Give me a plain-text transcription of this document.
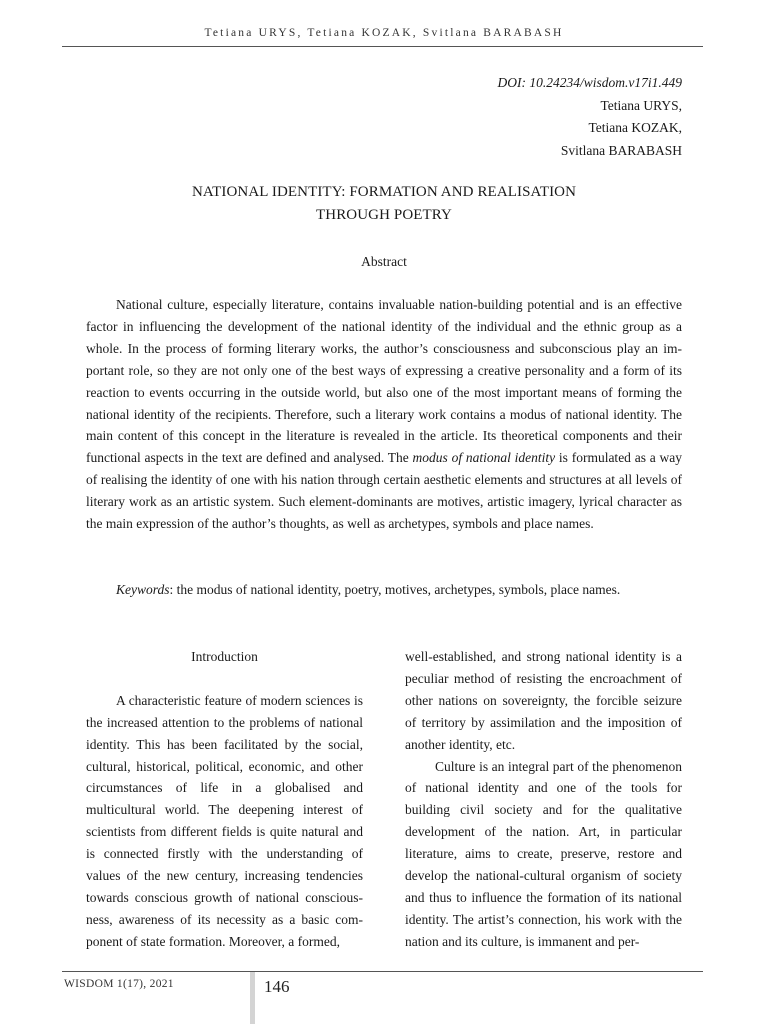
Tetiana URYS, Tetiana KOZAK, Svitlana BARABASH
DOI: 10.24234/wisdom.v17i1.449
Tetiana URYS,
Tetiana KOZAK,
Svitlana BARABASH
NATIONAL IDENTITY: FORMATION AND REALISATION
THROUGH POETRY
Abstract

National culture, especially literature, contains invaluable nation-building potential and is an effective factor in influencing the development of the national identity of the individual and the ethnic group as a whole. In the process of forming literary works, the author’s consciousness and subconscious play an important role, so they are not only one of the best ways of expressing a creative personality and a form of its reaction to events occurring in the outside world, but also one of the most important means of forming the national identity of the recipients. Therefore, such a literary work contains a modus of national identity. The main content of this concept in the literature is revealed in the article. Its theoretical components and their functional aspects in the text are defined and analysed. The modus of national identity is formulated as a way of realising the identity of one with his nation through certain aesthetic elements and structures at all levels of literary work as an artistic system. Such element-dominants are motives, artistic imagery, lyrical character as the main expression of the author’s thoughts, as well as archetypes, symbols and place names.

Keywords: the modus of national identity, poetry, motives, archetypes, symbols, place names.

Introduction

A characteristic feature of modern sciences is the increased attention to the problems of national identity. This has been facilitated by the social, cultural, historical, political, economic, and other circumstances of life in a globalised and multicultural world. The deepening interest of scientists from different fields is quite natural and is connected firstly with the understanding of values of the new century, increasing tendencies towards conscious growth of national consciousness, awareness of its necessity as a basic component of state formation. Moreover, a formed,

well-established, and strong national identity is a peculiar method of resisting the encroachment of other nations on sovereignty, the forcible seizure of territory by assimilation and the imposition of another identity, etc.

Culture is an integral part of the phenomenon of national identity and one of the tools for building civil society and for the qualitative development of the nation. Art, in particular literature, aims to create, preserve, restore and develop the national-cultural organism of society and thus to influence the formation of its national identity. The artist’s connection, his work with the nation and its culture, is immanent and per-

WISDOM 1(17), 2021	146
